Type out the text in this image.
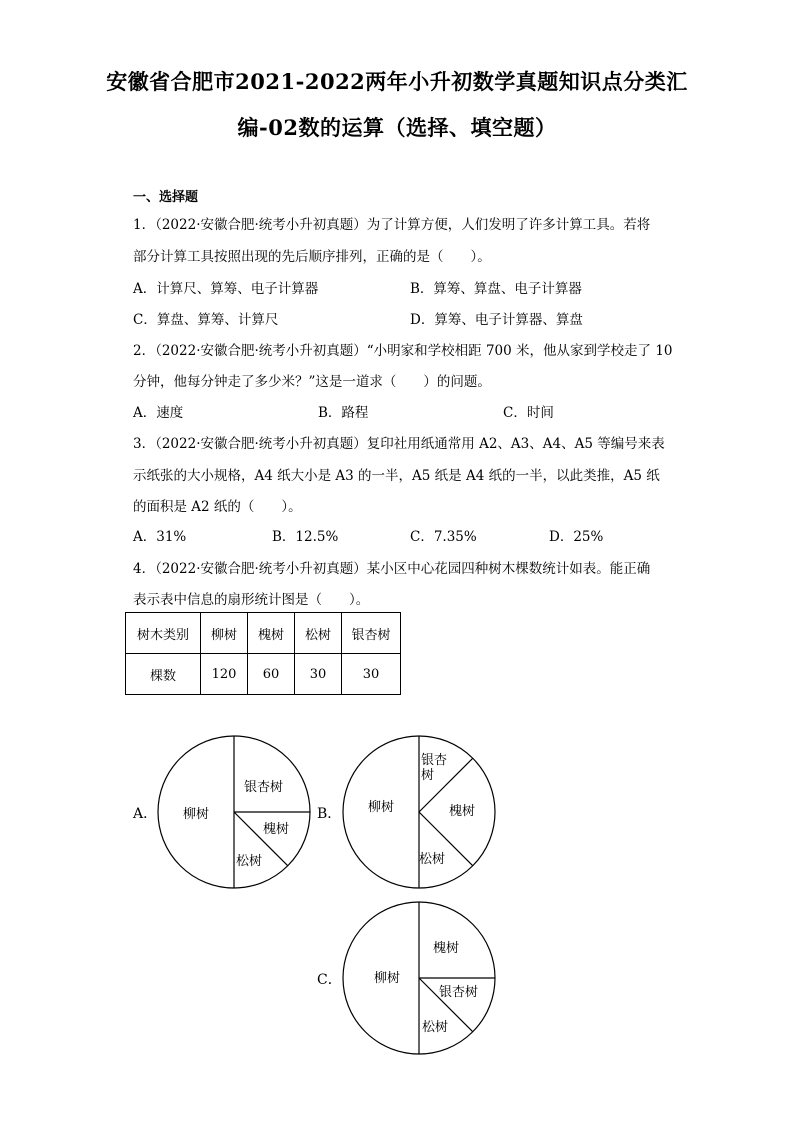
安徽省合肥市2021-2022两年小升初数学真题知识点分类汇
编-02数的运算（选择、填空题）

一、选择题

1．（2022·安徽合肥·统考小升初真题）为了计算方便，人们发明了许多计算工具。若将

部分计算工具按照出现的先后顺序排列，正确的是（　　）。

A．计算尺、算筹、电子计算器	B．算筹、算盘、电子计算器

C．算盘、算筹、计算尺	D．算筹、电子计算器、算盘

2．（2022·安徽合肥·统考小升初真题）“小明家和学校相距 700 米，他从家到学校走了 10

分钟，他每分钟走了多少米？”这是一道求（　　）的问题。

A．速度	B．路程	C．时间

3．（2022·安徽合肥·统考小升初真题）复印社用纸通常用 A2、A3、A4、A5 等编号来表

示纸张的大小规格，A4 纸大小是 A3 的一半，A5 纸是 A4 纸的一半，以此类推，A5 纸

的面积是 A2 纸的（　　）。

A．31%	B．12.5%	C．7.35%	D．25%

4．（2022·安徽合肥·统考小升初真题）某小区中心花园四种树木棵数统计如表。能正确

表示表中信息的扇形统计图是（　　）。

树木类别	柳树	槐树	松树	银杏树
棵数	120	60	30	30

A． 柳树
银杏树
槐树
松树

B． 柳树
银杏
树
槐树
松树

C． 柳树
槐树
银杏树
松树
